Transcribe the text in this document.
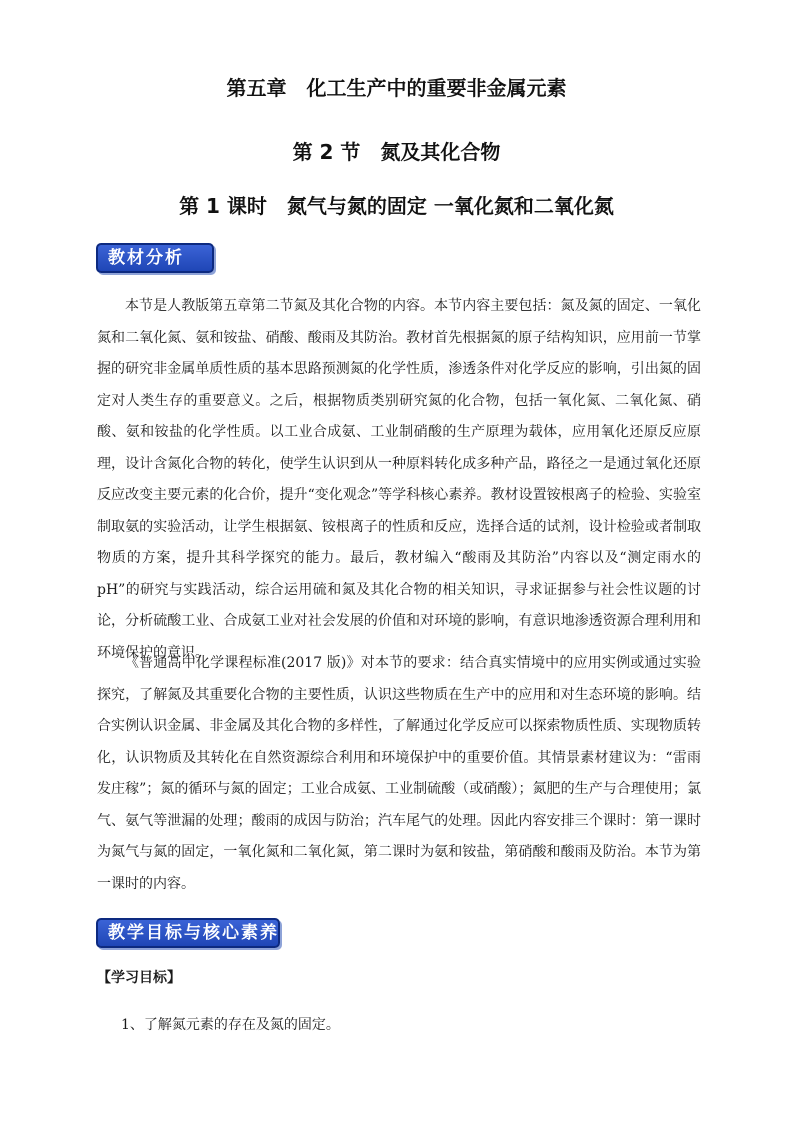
第五章　化工生产中的重要非金属元素
第 2 节　氮及其化合物
第 1 课时　氮气与氮的固定 一氧化氮和二氧化氮
教材分析

本节是人教版第五章第二节氮及其化合物的内容。本节内容主要包括：氮及氮的固定、一氧化氮和二氧化氮、氨和铵盐、硝酸、酸雨及其防治。教材首先根据氮的原子结构知识，应用前一节掌握的研究非金属单质性质的基本思路预测氮的化学性质，渗透条件对化学反应的影响，引出氮的固定对人类生存的重要意义。之后，根据物质类别研究氮的化合物，包括一氧化氮、二氧化氮、硝酸、氨和铵盐的化学性质。以工业合成氨、工业制硝酸的生产原理为载体，应用氧化还原反应原理，设计含氮化合物的转化，使学生认识到从一种原料转化成多种产品，路径之一是通过氧化还原反应改变主要元素的化合价，提升“变化观念”等学科核心素养。教材设置铵根离子的检验、实验室制取氨的实验活动，让学生根据氨、铵根离子的性质和反应，选择合适的试剂，设计检验或者制取物质的方案，提升其科学探究的能力。最后，教材编入“酸雨及其防治”内容以及“测定雨水的 pH”的研究与实践活动，综合运用硫和氮及其化合物的相关知识，寻求证据参与社会性议题的讨论，分析硫酸工业、合成氨工业对社会发展的价值和对环境的影响，有意识地渗透资源合理利用和环境保护的意识。

《普通高中化学课程标准(2017 版)》对本节的要求：结合真实情境中的应用实例或通过实验探究，了解氮及其重要化合物的主要性质，认识这些物质在生产中的应用和对生态环境的影响。结合实例认识金属、非金属及其化合物的多样性，了解通过化学反应可以探索物质性质、实现物质转化，认识物质及其转化在自然资源综合利用和环境保护中的重要价值。其情景素材建议为：“雷雨发庄稼”；氮的循环与氮的固定；工业合成氨、工业制硫酸（或硝酸）；氮肥的生产与合理使用；氯气、氨气等泄漏的处理；酸雨的成因与防治；汽车尾气的处理。因此内容安排三个课时：第一课时为氮气与氮的固定，一氧化氮和二氧化氮，第二课时为氨和铵盐，第硝酸和酸雨及防治。本节为第一课时的内容。

教学目标与核心素养
【学习目标】
1、了解氮元素的存在及氮的固定。
